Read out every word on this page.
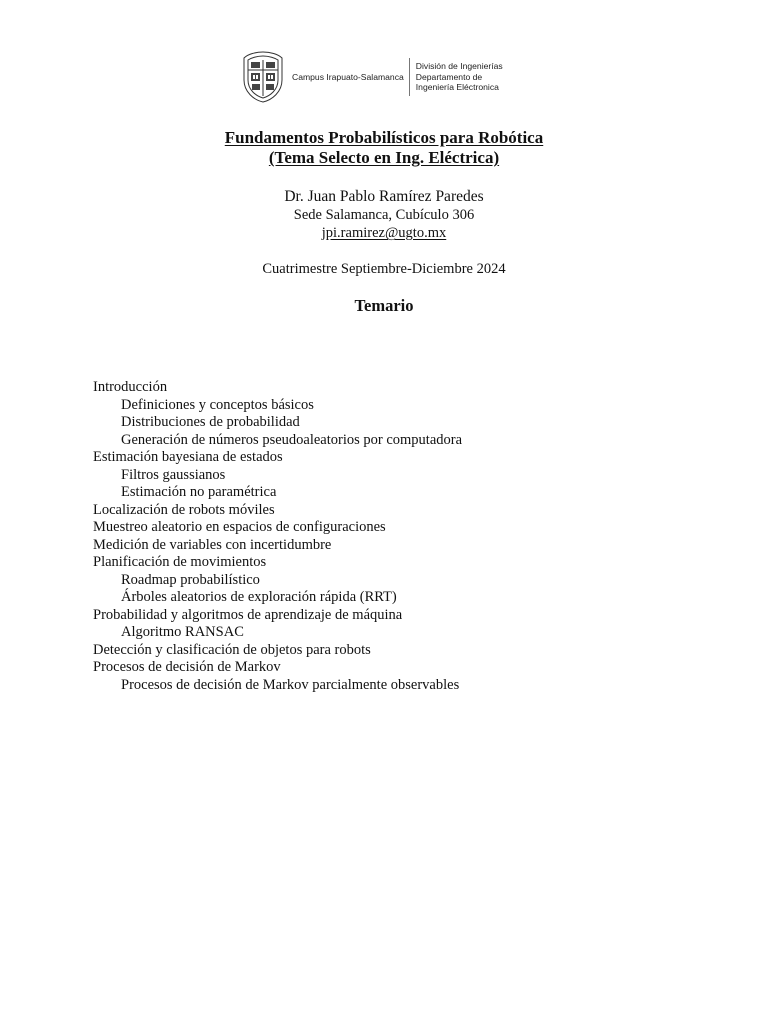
Campus Irapuato-Salamanca
División de Ingenierías
Departamento de
Ingeniería Eléctronica
Fundamentos Probabilísticos para Robótica
(Tema Selecto en Ing. Eléctrica)
Dr. Juan Pablo Ramírez Paredes
Sede Salamanca, Cubículo 306
jpi.ramirez@ugto.mx
Cuatrimestre Septiembre-Diciembre 2024
Temario
Introducción
Definiciones y conceptos básicos
Distribuciones de probabilidad
Generación de números pseudoaleatorios por computadora
Estimación bayesiana de estados
Filtros gaussianos
Estimación no paramétrica
Localización de robots móviles
Muestreo aleatorio en espacios de configuraciones
Medición de variables con incertidumbre
Planificación de movimientos
Roadmap probabilístico
Árboles aleatorios de exploración rápida (RRT)
Probabilidad y algoritmos de aprendizaje de máquina
Algoritmo RANSAC
Detección y clasificación de objetos para robots
Procesos de decisión de Markov
Procesos de decisión de Markov parcialmente observables
